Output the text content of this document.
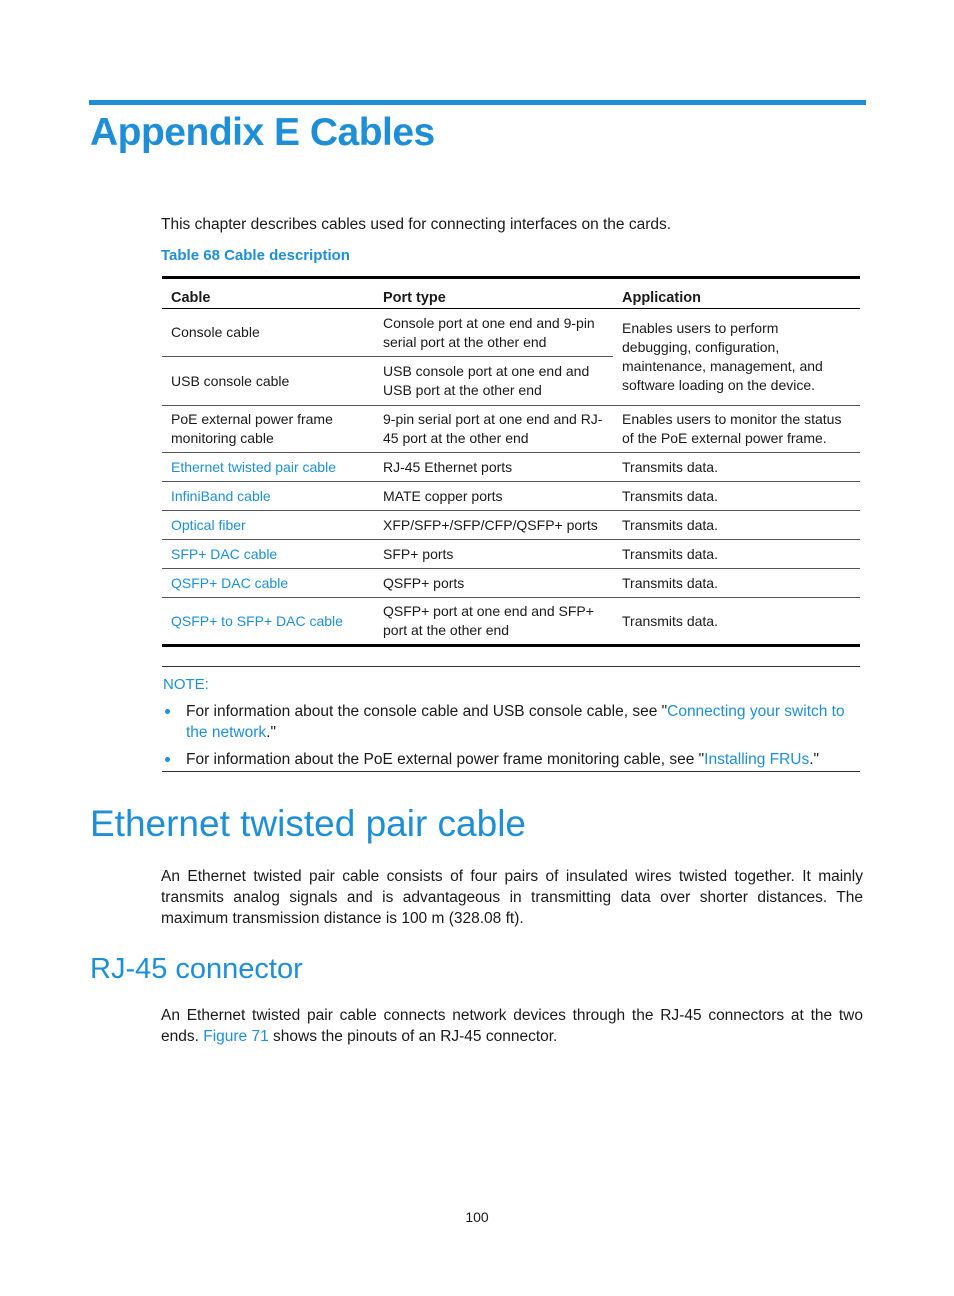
Appendix E Cables

This chapter describes cables used for connecting interfaces on the cards.

Table 68 Cable description

Cable	Port type	Application
Console cable	Console port at one end and 9-pin serial port at the other end	Enables users to perform debugging, configuration, maintenance, management, and software loading on the device.
USB console cable	USB console port at one end and USB port at the other end	
PoE external power frame monitoring cable	9-pin serial port at one end and RJ-45 port at the other end	Enables users to monitor the status of the PoE external power frame.
Ethernet twisted pair cable	RJ-45 Ethernet ports	Transmits data.
InfiniBand cable	MATE copper ports	Transmits data.
Optical fiber	XFP/SFP+/SFP/CFP/QSFP+ ports	Transmits data.
SFP+ DAC cable	SFP+ ports	Transmits data.
QSFP+ DAC cable	QSFP+ ports	Transmits data.
QSFP+ to SFP+ DAC cable	QSFP+ port at one end and SFP+ port at the other end	Transmits data.
NOTE:
For information about the console cable and USB console cable, see "Connecting your switch to the network."
For information about the PoE external power frame monitoring cable, see "Installing FRUs."
Ethernet twisted pair cable

An Ethernet twisted pair cable consists of four pairs of insulated wires twisted together. It mainly transmits analog signals and is advantageous in transmitting data over shorter distances. The maximum transmission distance is 100 m (328.08 ft).

RJ-45 connector

An Ethernet twisted pair cable connects network devices through the RJ-45 connectors at the two ends. Figure 71 shows the pinouts of an RJ-45 connector.

100
